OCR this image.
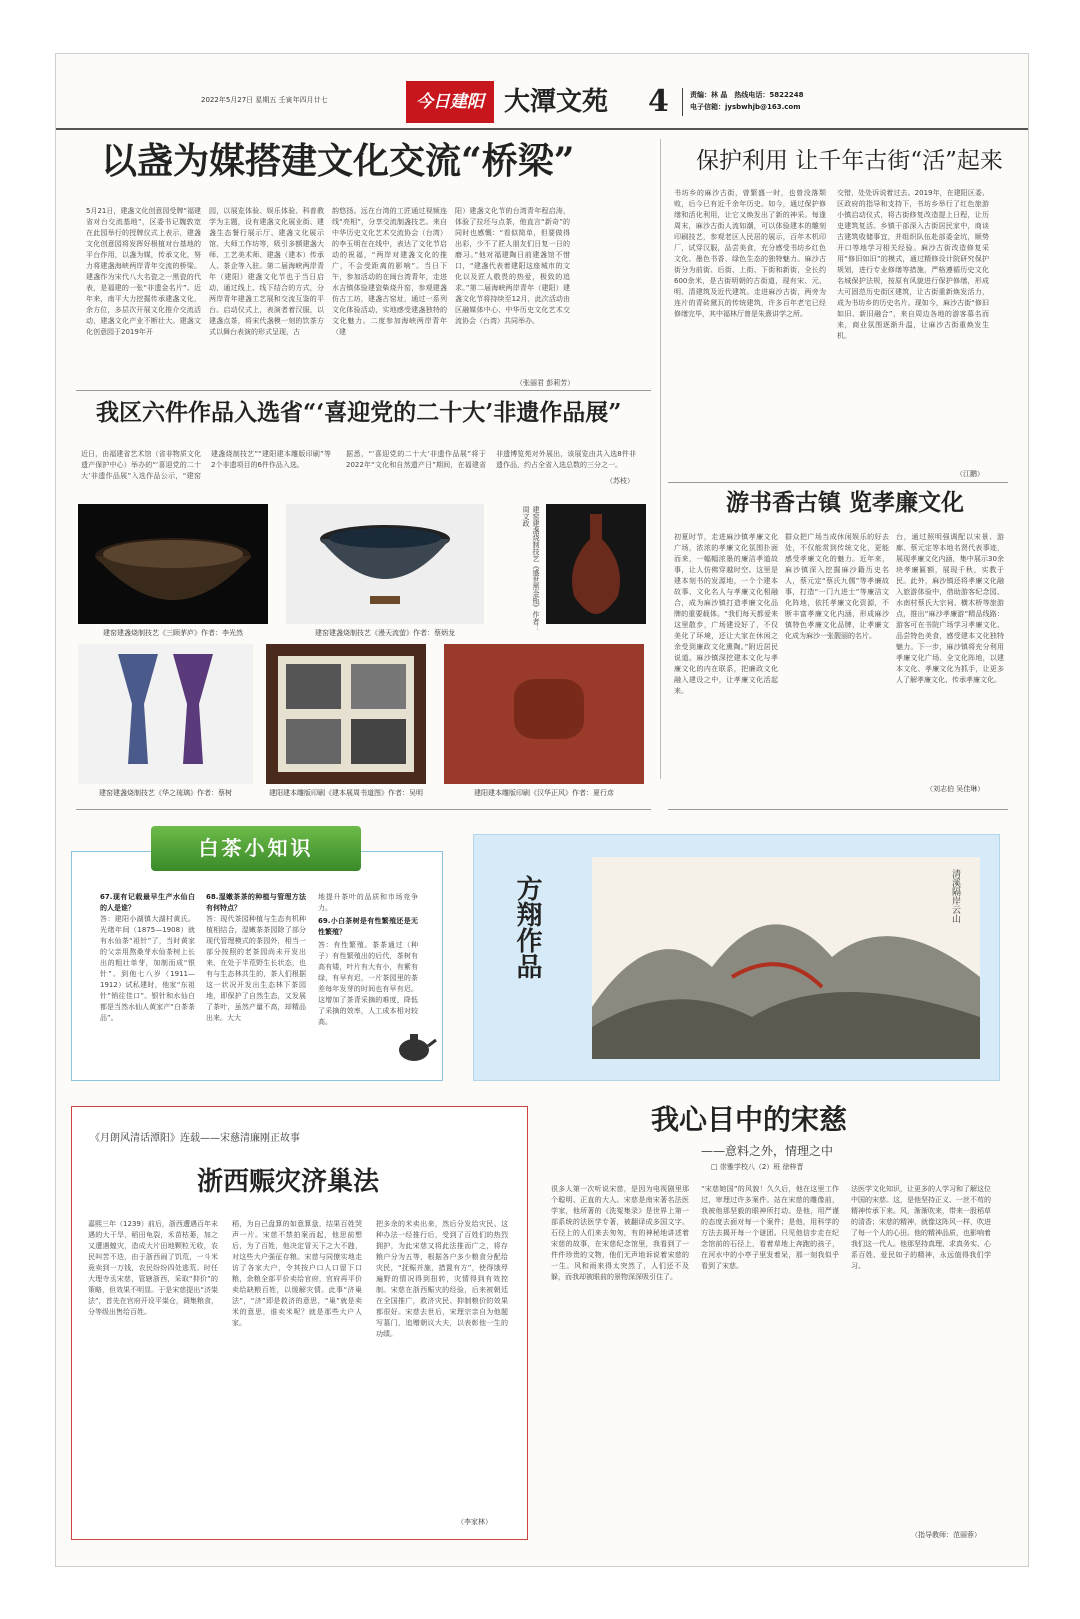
2022年5月27日 星期五 壬寅年四月廿七	今日建阳 大潭文苑	4	责编：林 晶　热线电话：5822248
电子信箱：jysbwhjb@163.com
以盏为媒搭建文化交流“桥梁”
5月21日，建盏文化创意园受牌“福建省对台交流基地”，区委书记魏敦宽在此园举行的授牌仪式上表示，建盏文化创意园将发挥好根植对台基地的平台作用，以盏为媒，传承文化，努力将建盏海峡两岸青年交流的桥梁。建盏作为宋代八大名瓷之一黑瓷的代表，是福建的一张“非遗金名片”。近年来，南平大力挖掘传承建盏文化，余方位，多层次开展文化推介交流活动，建盏文化产业不断壮大。建盏文化创意园于2019年开
园，以展览体验、娱乐体验、科普教学为主题，设有建盏文化展业街、建盏生态餐行展示厅、建盏文化展示馆、大师工作坊等，吸引多额建盏大师、工艺美术师、建盏（建本）传承人、茶企等入驻。第二届海峡两岸青年（建阳）建盏文化节也于当日启动，通过线上、线下结合的方式，分两岸青年建盏工艺展和交流互鉴的平台。启动仪式上，表演者着汉服，以建盏点茶，将宋代盏模一刻的饮茶方式以舞台表演的形式呈现，古
韵悠扬。远在台湾的工匠通过视频连线“亮相”，分享交流制盏技艺。来自中华历史文化艺术交流协会（台湾）的李玉明在在线中，表达了文化节启动的祝福，“两岸对建盏文化的推广，不会受距离的影响”。当日下午，参加活动的在闽台湾青年，走进水吉镇体验建瓷柴烧升窑，参观建盏仿古工坊，建盏古窑址，通过一系列文化体验活动，实地感受建盏独特的文化魅力。二度参加海峡两岸青年（建
阳）建盏文化节的台湾青年程启涛，体验了拉坯与点茶，他直言“新奇”的同时也感慨：“看似简单，但要做得出彩，少不了匠人朋友们日复一日的磨习。”他对福建陶日前建盏馆不惜口，“建盏代表着建阳这座城市的文化以及匠人敬畏的热爱，极致的追求。”第二届海峡两岸青年（建阳）建盏文化节将持续至12月，此次活动由区融媒体中心、中华历史文化艺术交流协会（台湾）共同举办。
（张丽君 彭莉芳）
保护利用 让千年古街“活”起来
书坊乡的麻沙古街，曾繁盛一时，也曾没落颓败，后今已有近千余年历史。如今，通过保护修缮和活化利用，让它又焕发出了新的神采。每逢周末，麻沙古街人流如潮，可以体验建本的雕刻印刷技艺，参观老区人民居的展示，百年木机印厂，试穿汉服，品尝美食，充分感受书坊乡红色文化、墨色书香、绿色生态的独特魅力。麻沙古街分为前街、后街、上街、下街和新街，全长约600余米，是古街明朝的古街道，现有宋、元、明、清建筑及近代建筑。走进麻沙古街，两旁为连片的青砖黛瓦的传统建筑，许多百年老宅已经修缮完毕，其中福林厅曾是朱熹讲学之所。
交错，处处诉说着过去。2019年，在建阳区委、区政府的指导和支持下，书坊乡举行了红色旅游小镇启动仪式，将古街修复改造提上日程，让历史建筑复活。乡镇干部深入古街居民家中，商谈古建筑收储事宜，并组织队伍赴部委金坑，顺势开口等地学习相关经验。麻沙古街改造修复采用“修旧如旧”的模式，通过精修设计院研究保护规划，进行专业修缮等措施，严格遵循历史文化名城保护法规，按原有风貌进行保护修缮，形成大可固范历史街区建筑，让古街重新焕发活力，成为书坊乡的历史名片。现如今，麻沙古街“修旧如旧、新旧融合”，来自周边各地的游客慕名而来，商业氛围逐渐升温，让麻沙古街重焕发生机。
（江鹏）
我区六件作品入选省“‘喜迎党的二十大’非遗作品展”
近日，由福建省艺术馆（省非物质文化遗产保护中心）举办的“‘喜迎党的二十大’非遗作品展”入选作品公示，“建窑建盏烧制技艺”“建阳建本雕版印刷”等2个非遗项目的6件作品入选。
据悉，“‘喜迎党的二十大’非遗作品展”将于2022年“文化和自然遗产日”期间，在福建省非遗博览苑对外展出，该展览由共入选8件非遗作品，约占全省入选总数的三分之一。
（苏枝）
建窑建盏烧制技艺《三顾茅庐》作者：李光然	建窑建盏烧制技艺《漫天流萤》作者：蔡炳龙
建窑建盏烧制技艺《盛世黑金瓶》作者：周文政
建窑建盏烧制技艺《华之琉璃》作者：蔡树	建阳建本雕版印刷《建本展周书道图》作者：吴明	建阳建本雕版印刷《汉华正风》作者：夏行彦
游书香古镇 览孝廉文化
初夏时节，走进麻沙镇孝廉文化广场，浓浓的孝廉文化氛围扑面而来，一幅幅浓墨的廉洁孝道故事，让人仿佛穿越时空。这里是建本刻书的发源地，一个个建本故事、文化名人与孝廉文化相融合，成为麻沙镇打造孝廉文化品牌的重要载体。“我们每天都爱来这里散步，广场建设好了，不仅美化了环境，还让大家在休闲之余受到廉政文化熏陶。”附近居民说道。麻沙镇深挖建本文化与孝廉文化的内在联系，把廉政文化融入建设之中，让孝廉文化活起来。
群众把广场当成休闲娱乐的好去处，不仅能赏到传统文化，更能感受孝廉文化的魅力。近年来，麻沙镇深入挖掘麻沙籍历史名人，蔡元定“蔡氏九儒”等孝廉故事，打造“一门九进士”等廉洁文化阵地，依托孝廉文化资源，不断丰富孝廉文化内涵，形成麻沙镇特色孝廉文化品牌，让孝廉文化成为麻沙一张靓丽的名片。
台，通过照明强调配以宋景、游廊、蔡元定等本地名贤代表事迹，展现孝廉文化内涵，集中展示30余块孝廉匾额，展现千秋，实教于民。此外，麻沙镇还将孝廉文化融入旅游体验中，借助游客纪念园、水南村蔡氏大宗祠、横木桥等旅游点，推出“麻沙孝廉游”精品线路：游客可在书院广场学习孝廉文化、品尝特色美食，感受建本文化独特魅力。下一步，麻沙镇将充分利用孝廉文化广场、全文化阵地，以建本文化、孝廉文化为抓手，让更多人了解孝廉文化、传承孝廉文化。
（刘志伯 吴佳琳）
67.现有记载最早生产水仙白的人是谁？
答：建阳小湖镇大湖村黄氏。光绪年间（1875—1908）就有水仙茶“祖针”了，当时黄家的父亲用熬桑芽水仙茶树上长出的粗壮单芽，加制而成“银针”。到他七八岁（1911—1912）试私建时，他家“东祖针”销往佳口”。银针和水仙白都是当然水仙人黄家产“白茶茶品”。
68.湿嫩茶茶的种植与管理方法有何特点？
答：现代茶园种植与生态有机种植相结合，湿嫩茶茶园除了部分现代管理模式的茶园外，相当一部分按照的老茶园尚未开发出来，在处于半荒野生长状态，也有与生态林共生的，茶人们根据这一状况开发出生态林下茶园地，即保护了自然生态，又发展了茶叶，虽然产量不高，却精品出来。大大
地提升茶叶的品质和市场竞争力。
69.小白茶树是有性繁殖还是无性繁殖？
答：有性繁殖。茶茶通过（种子）有性繁殖出的后代，茶树有高有矮，叶片有大有小，有紫有绿，有早有迟，一片茶园里的茶差每年发芽的时间也有早有迟。这增加了茶青采摘的难度，降低了采摘的效率，人工成本相对较高。
白茶小知识
方翔作品	清溪隔岸云山
《月朗风清话潭阳》连载——宋慈清廉刚正故事
浙西赈灾济巢法
嘉熙三年（1239）前后，浙西遭遇百年未遇的大干旱，稻田龟裂，禾苗枯萎，加之又遭遇蝗灾，造成大片田地颗粒无收，农民叫苦不迭，由于浙西闹了饥荒，一斗米竟卖到一万钱，农民纷纷四处逃荒。时任大理寺丞宋慈，管辖浙西，采取“抑价”的策略，但效果不明显。于是宋慈提出“济粜法”，首先在官府开设平粜仓，调集粮食，分等级出售给百姓。
稻，为自己盘算的如意算盘，结果百姓哭声一片。宋慈不禁拍案而起，他思前想后，为了百姓，他决定冒天下之大不韪，对这些大户强征存粮。宋慈与同僚实地走访了各家大户，令其按户口人口留下口粮，余粮全部平价卖给官府，官府再平价卖给缺粮百姓，以缓解灾情。此事“济巢法”，“济”即是救济的意思，“巢”就是卖米的意思，谁卖米呢？就是那些大户人家。
把多余的米卖出来，然后分发给灾民。这种办法一经推行后，受到了百姓们的热烈拥护，为此宋慈又将此法推而广之，将存粮户分为五等，根据各户多少粮食分配给灾民，“抚赈并施，措置有方”，使得饿殍遍野的情况得到扭转，灾情得到有效控制。宋慈在浙西赈灾的经验，后来被朝廷在全国推广，救济灾民、抑制粮价的效果都很好。宋慈去世后，宋理宗亲自为他题写墓门，追赠朝议大夫，以表彰他一生的功绩。
（李家林）
我心目中的宋慈
——意料之外，情理之中
□ 崇雅学校八（2）班 徐梓晋
很多人第一次听说宋慈，是因为电视剧里那个聪明、正直的大人。宋慈是南宋著名法医学家，他所著的《洗冤集录》是世界上第一部系统的法医学专著，被翻译成多国文字。石径上的人们来去匆匆，有的神秘地讲述着宋慈的故事，在宋慈纪念馆里，我看到了一件件珍贵的文物，他们无声地诉说着宋慈的一生。风和雨来得太突然了，人们还不及躲，而我却被眼前的景物深深吸引住了。
“宋慈她国”的风貌！久久后，他在这里工作过，审理过许多案件。站在宋慈的雕像前，我被他那坚毅的眼神所打动。是他，用严谨的态度去面对每一个案件；是他，用科学的方法去揭开每一个谜团。只见他信步走在纪念馆前的石径上，看着草地上奔跑的孩子，在河水中的小亭子里发着呆，那一刻我似乎看到了宋慈。
法医学文化知识，让更多的人学习和了解这位中国的宋慈。这，是他坚持正义、一丝不苟的精神传承下来。风，渐渐吹来，带来一股稻草的清香；宋慈的精神，就像这阵风一样，吹进了每一个人的心田。他的精神品质，也影响着我们这一代人。他那坚持真理、求真务实、心系百姓、爱民如子的精神，永远值得我们学习。
（指导教师：范丽蓉）
